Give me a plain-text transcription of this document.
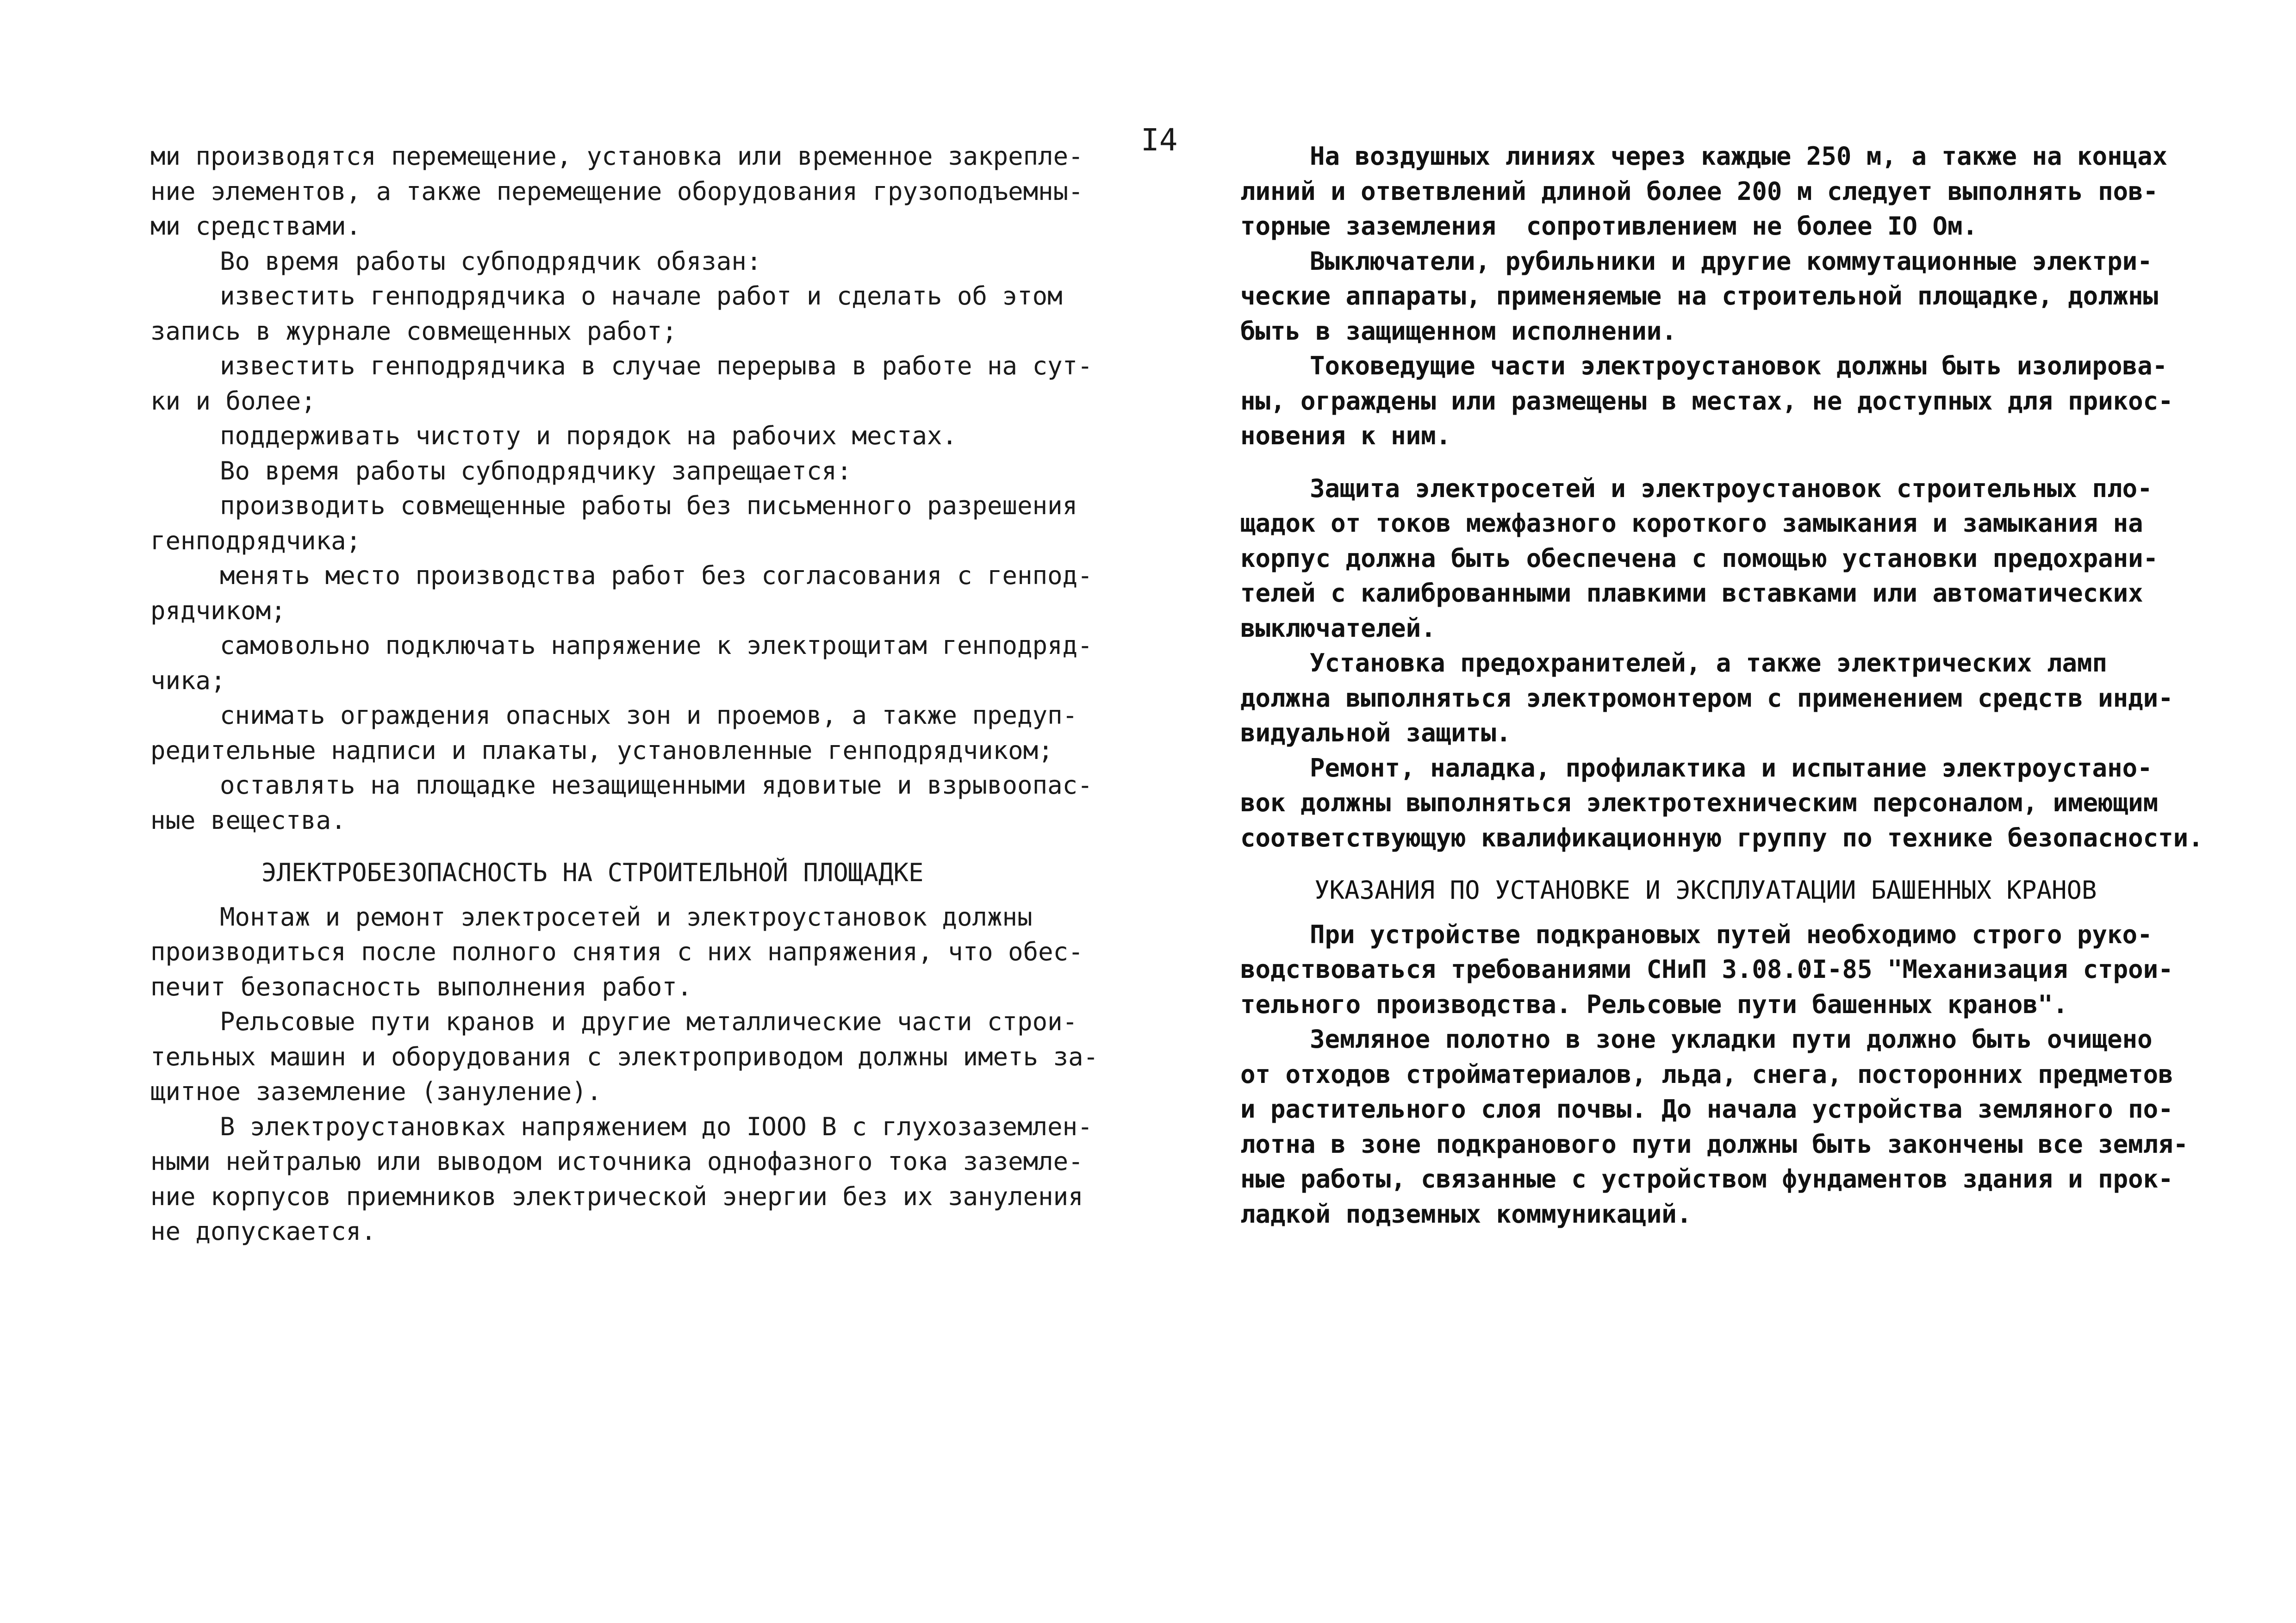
I4
ми производятся перемещение, установка или временное закрепле-
ние элементов, а также перемещение оборудования грузоподъемны-
ми средствами.
Во время работы субподрядчик обязан:
известить генподрядчика о начале работ и сделать об этом
запись в журнале совмещенных работ;
известить генподрядчика в случае перерыва в работе на сут-
ки и более;
поддерживать чистоту и порядок на рабочих местах.
Во время работы субподрядчику запрещается:
производить совмещенные работы без письменного разрешения
генподрядчика;
менять место производства работ без согласования с генпод-
рядчиком;
самовольно подключать напряжение к электрощитам генподряд-
чика;
снимать ограждения опасных зон и проемов, а также предуп-
редительные надписи и плакаты, установленные генподрядчиком;
оставлять на площадке незащищенными ядовитые и взрывоопас-
ные вещества.
ЭЛЕКТРОБЕЗОПАСНОСТЬ НА СТРОИТЕЛЬНОЙ ПЛОЩАДКЕ
Монтаж и ремонт электросетей и электроустановок должны
производиться после полного снятия с них напряжения, что обес-
печит безопасность выполнения работ.
Рельсовые пути кранов и другие металлические части строи-
тельных машин и оборудования с электроприводом должны иметь за-
щитное заземление (зануление).
В электроустановках напряжением до IOOO В с глухозаземлен-
ными нейтралью или выводом источника однофазного тока заземле-
ние корпусов приемников электрической энергии без их зануления
не допускается.
На воздушных линиях через каждые 250 м, а также на концах
линий и ответвлений длиной более 200 м следует выполнять пов-
торные заземления  сопротивлением не более IO Ом.
Выключатели, рубильники и другие коммутационные электри-
ческие аппараты, применяемые на строительной площадке, должны
быть в защищенном исполнении.
Токоведущие части электроустановок должны быть изолирова-
ны, ограждены или размещены в местах, не доступных для прикос-
новения к ним.
Защита электросетей и электроустановок строительных пло-
щадок от токов межфазного короткого замыкания и замыкания на
корпус должна быть обеспечена с помощью установки предохрани-
телей с калиброванными плавкими вставками или автоматических
выключателей.
Установка предохранителей, а также электрических ламп
должна выполняться электромонтером с применением средств инди-
видуальной защиты.
Ремонт, наладка, профилактика и испытание электроустано-
вок должны выполняться электротехническим персоналом, имеющим
соответствующую квалификационную группу по технике безопасности.
УКАЗАНИЯ ПО УСТАНОВКЕ И ЭКСПЛУАТАЦИИ БАШЕННЫХ КРАНОВ
При устройстве подкрановых путей необходимо строго руко-
водствоваться требованиями СНиП 3.08.0I-85 "Механизация строи-
тельного производства. Рельсовые пути башенных кранов".
Земляное полотно в зоне укладки пути должно быть очищено
от отходов стройматериалов, льда, снега, посторонних предметов
и растительного слоя почвы. До начала устройства земляного по-
лотна в зоне подкранового пути должны быть закончены все земля-
ные работы, связанные с устройством фундаментов здания и прок-
ладкой подземных коммуникаций.
